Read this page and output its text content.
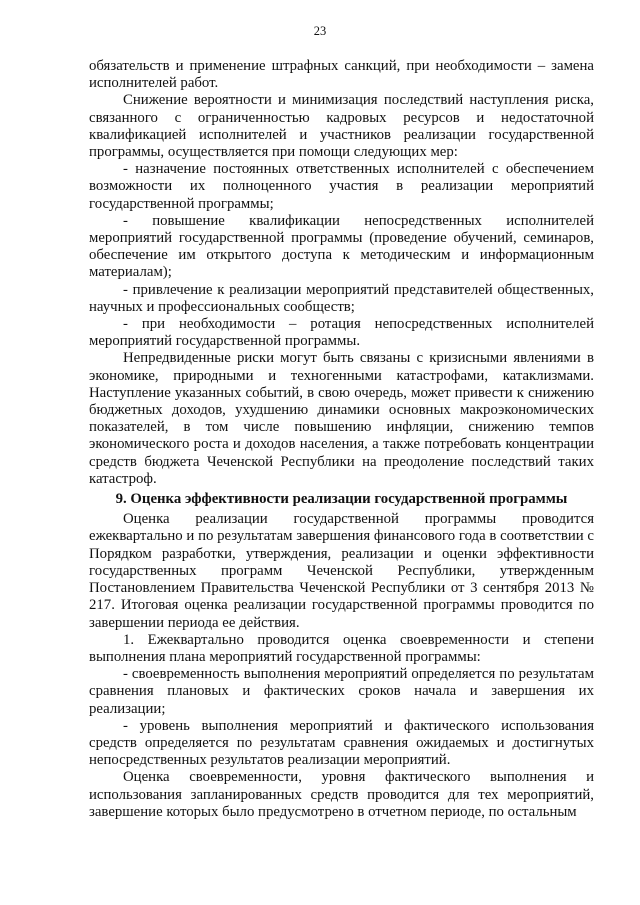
23

обязательств и применение штрафных санкций, при необходимости – замена исполнителей работ.

Снижение вероятности и минимизация последствий наступления риска, связанного с ограниченностью кадровых ресурсов и недостаточной квалификацией исполнителей и участников реализации государственной программы, осуществляется при помощи следующих мер:

- назначение постоянных ответственных исполнителей с обеспечением возможности их полноценного участия в реализации мероприятий государственной программы;

- повышение квалификации непосредственных исполнителей мероприятий государственной программы (проведение обучений, семинаров, обеспечение им открытого доступа к методическим и информационным материалам);

- привлечение к реализации мероприятий представителей общественных, научных и профессиональных сообществ;

- при необходимости – ротация непосредственных исполнителей мероприятий государственной программы.

Непредвиденные риски могут быть связаны с кризисными явлениями в экономике, природными и техногенными катастрофами, катаклизмами. Наступление указанных событий, в свою очередь, может привести к снижению бюджетных доходов, ухудшению динамики основных макроэкономических показателей, в том числе повышению инфляции, снижению темпов экономического роста и доходов населения, а также потребовать концентрации средств бюджета Чеченской Республики на преодоление последствий таких катастроф.

9. Оценка эффективности реализации государственной программы

Оценка реализации государственной программы проводится ежеквартально и по результатам завершения финансового года в соответствии с Порядком разработки, утверждения, реализации и оценки эффективности государственных программ Чеченской Республики, утвержденным Постановлением Правительства Чеченской Республики от 3 сентября 2013 № 217. Итоговая оценка реализации государственной программы проводится по завершении периода ее действия.

1. Ежеквартально проводится оценка своевременности и степени выполнения плана мероприятий государственной программы:

- своевременность выполнения мероприятий определяется по результатам сравнения плановых и фактических сроков начала и завершения их реализации;

- уровень выполнения мероприятий и фактического использования средств определяется по результатам сравнения ожидаемых и достигнутых непосредственных результатов реализации мероприятий.

Оценка своевременности, уровня фактического выполнения и использования запланированных средств проводится для тех мероприятий, завершение которых было предусмотрено в отчетном периоде, по остальным
